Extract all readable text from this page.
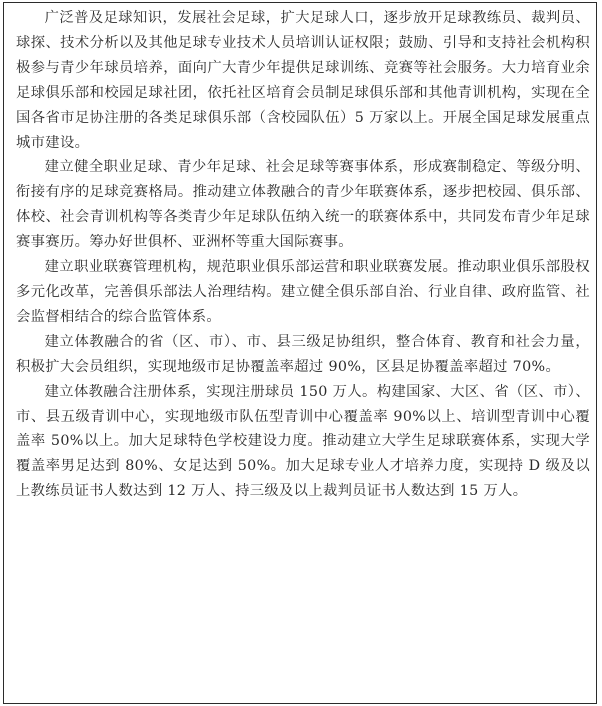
广泛普及足球知识，发展社会足球，扩大足球人口，逐步放开足球教练员、裁判员、球探、技术分析以及其他足球专业技术人员培训认证权限；鼓励、引导和支持社会机构积极参与青少年球员培养，面向广大青少年提供足球训练、竞赛等社会服务。大力培育业余足球俱乐部和校园足球社团，依托社区培育会员制足球俱乐部和其他青训机构，实现在全国各省市足协注册的各类足球俱乐部（含校园队伍）5 万家以上。开展全国足球发展重点城市建设。

建立健全职业足球、青少年足球、社会足球等赛事体系，形成赛制稳定、等级分明、衔接有序的足球竞赛格局。推动建立体教融合的青少年联赛体系，逐步把校园、俱乐部、体校、社会青训机构等各类青少年足球队伍纳入统一的联赛体系中，共同发布青少年足球赛事赛历。筹办好世俱杯、亚洲杯等重大国际赛事。

建立职业联赛管理机构，规范职业俱乐部运营和职业联赛发展。推动职业俱乐部股权多元化改革，完善俱乐部法人治理结构。建立健全俱乐部自治、行业自律、政府监管、社会监督相结合的综合监管体系。

建立体教融合的省（区、市）、市、县三级足协组织，整合体育、教育和社会力量，积极扩大会员组织，实现地级市足协覆盖率超过 90%，区县足协覆盖率超过 70%。

建立体教融合注册体系，实现注册球员 150 万人。构建国家、大区、省（区、市）、市、县五级青训中心，实现地级市队伍型青训中心覆盖率 90%以上、培训型青训中心覆盖率 50%以上。加大足球特色学校建设力度。推动建立大学生足球联赛体系，实现大学覆盖率男足达到 80%、女足达到 50%。加大足球专业人才培养力度，实现持 D 级及以上教练员证书人数达到 12 万人、持三级及以上裁判员证书人数达到 15 万人。
